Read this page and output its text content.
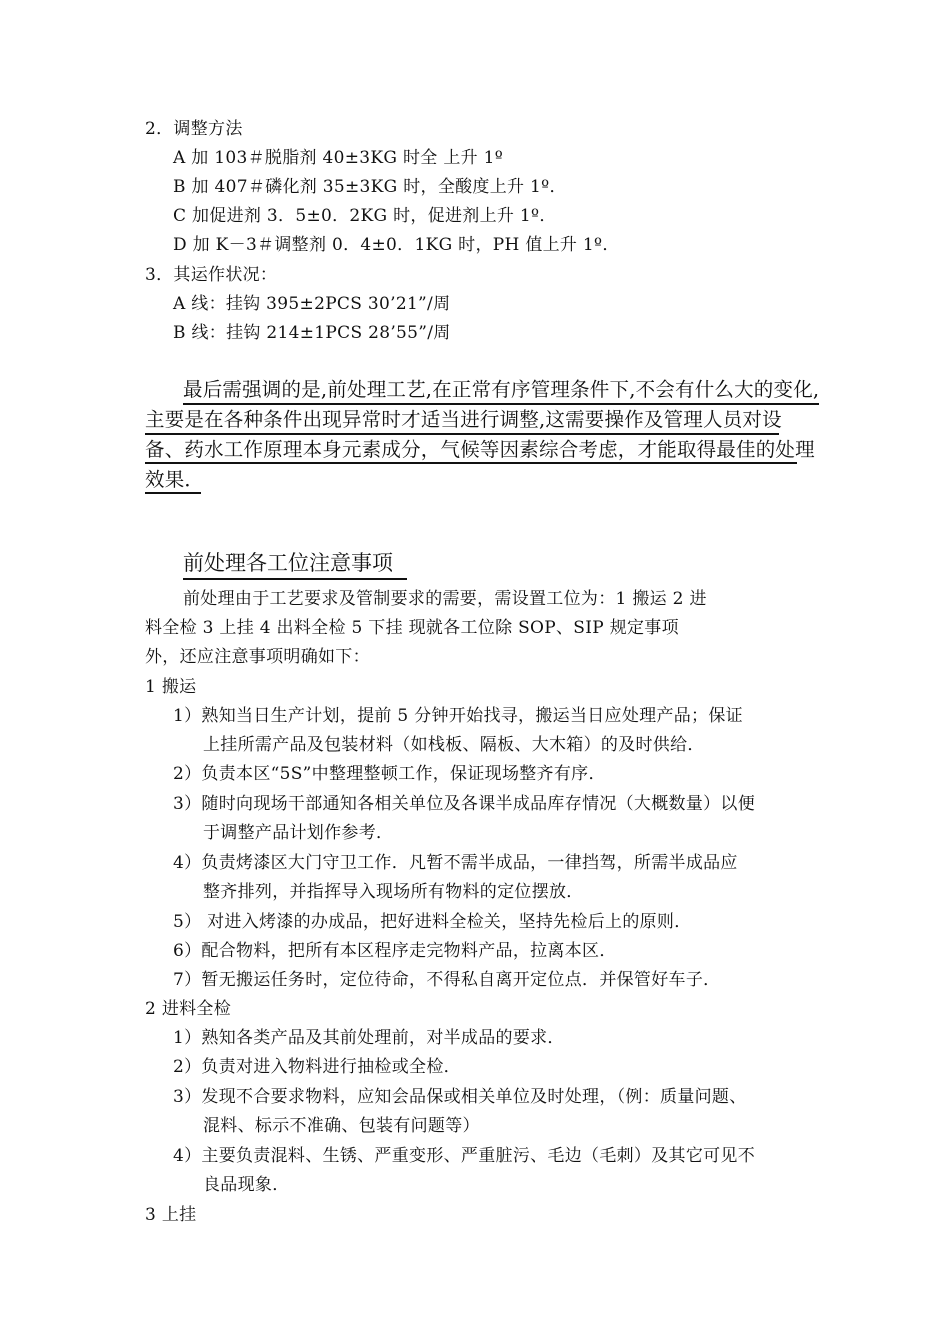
2．调整方法
A 加 103＃脱脂剂 40±3KG 时全 上升 1º
B 加 407＃磷化剂 35±3KG 时，全酸度上升 1º．
C 加促进剂 3．5±0．2KG 时，促进剂上升 1º．
D 加 K－3＃调整剂 0．4±0．1KG 时，PH 值上升 1º．
3．其运作状况：
A 线：挂钩 395±2PCS 30’21”/周
B 线：挂钩 214±1PCS 28’55”/周
最后需强调的是,前处理工艺,在正常有序管理条件下,不会有什么大的变化,
主要是在各种条件出现异常时才适当进行调整,这需要操作及管理人员对设
备、药水工作原理本身元素成分，气候等因素综合考虑，才能取得最佳的处理
效果．
前处理各工位注意事项
前处理由于工艺要求及管制要求的需要，需设置工位为：1 搬运 2 进
料全检 3 上挂 4 出料全检 5 下挂 现就各工位除 SOP、SIP 规定事项
外，还应注意事项明确如下：
1 搬运
1）熟知当日生产计划，提前 5 分钟开始找寻，搬运当日应处理产品；保证
上挂所需产品及包装材料（如栈板、隔板、大木箱）的及时供给．
2）负责本区“5S”中整理整顿工作，保证现场整齐有序．
3）随时向现场干部通知各相关单位及各课半成品库存情况（大概数量）以便
于调整产品计划作参考．
4）负责烤漆区大门守卫工作．凡暂不需半成品，一律挡驾，所需半成品应
整齐排列，并指挥导入现场所有物料的定位摆放．
5） 对进入烤漆的办成品，把好进料全检关，坚持先检后上的原则．
6）配合物料，把所有本区程序走完物料产品，拉离本区．
7）暂无搬运任务时，定位待命，不得私自离开定位点．并保管好车子．
2 进料全检
1）熟知各类产品及其前处理前，对半成品的要求．
2）负责对进入物料进行抽检或全检．
3）发现不合要求物料，应知会品保或相关单位及时处理，（例：质量问题、
混料、标示不准确、包装有问题等）
4）主要负责混料、生锈、严重变形、严重脏污、毛边（毛刺）及其它可见不
良品现象．
3 上挂
